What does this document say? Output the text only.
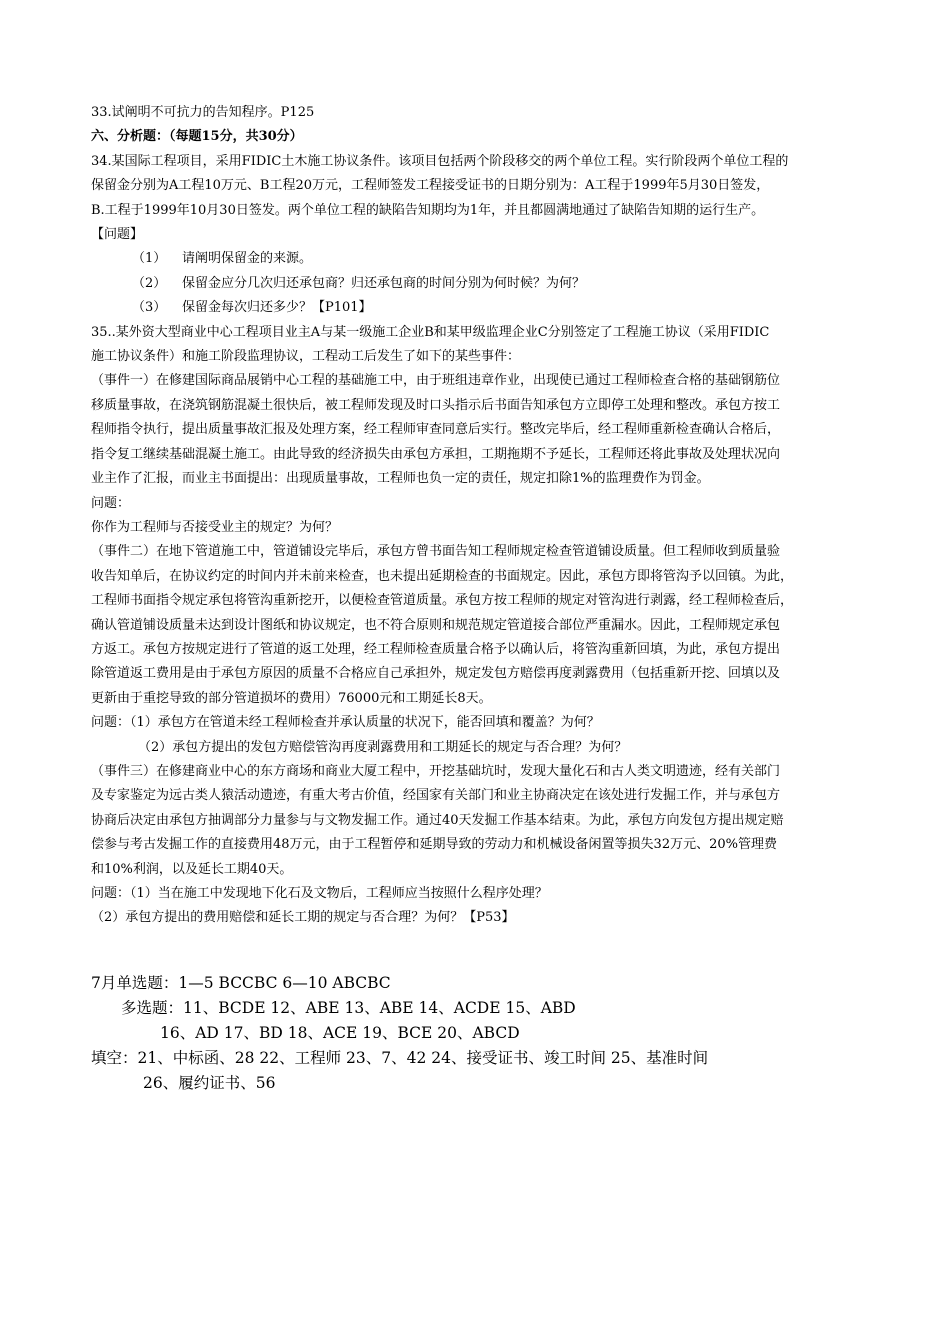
33.试阐明不可抗力的告知程序。P125

六、分析题：（每题15分，共30分）

34.某国际工程项目，采用FIDIC土木施工协议条件。该项目包括两个阶段移交的两个单位工程。实行阶段两个单位工程的

保留金分别为A工程10万元、B工程20万元，工程师签发工程接受证书的日期分别为：A工程于1999年5月30日签发，

B.工程于1999年10月30日签发。两个单位工程的缺陷告知期均为1年，并且都圆满地通过了缺陷告知期的运行生产。

【问题】

（1） 请阐明保留金的来源。

（2） 保留金应分几次归还承包商？归还承包商的时间分别为何时候？为何？

（3） 保留金每次归还多少？【P101】

35..某外资大型商业中心工程项目业主A与某一级施工企业B和某甲级监理企业C分别签定了工程施工协议（采用FIDIC

施工协议条件）和施工阶段监理协议，工程动工后发生了如下的某些事件：

（事件一）在修建国际商品展销中心工程的基础施工中，由于班组违章作业，出现使已通过工程师检查合格的基础钢筋位

移质量事故，在浇筑钢筋混凝土很快后，被工程师发现及时口头指示后书面告知承包方立即停工处理和整改。承包方按工

程师指令执行，提出质量事故汇报及处理方案，经工程师审查同意后实行。整改完毕后，经工程师重新检查确认合格后，

指令复工继续基础混凝土施工。由此导致的经济损失由承包方承担，工期拖期不予延长，工程师还将此事故及处理状况向

业主作了汇报，而业主书面提出：出现质量事故，工程师也负一定的责任，规定扣除1%的监理费作为罚金。

问题：

你作为工程师与否接受业主的规定？为何？

（事件二）在地下管道施工中，管道铺设完毕后，承包方曾书面告知工程师规定检查管道铺设质量。但工程师收到质量验

收告知单后，在协议约定的时间内并未前来检查，也未提出延期检查的书面规定。因此，承包方即将管沟予以回镇。为此，

工程师书面指令规定承包将管沟重新挖开，以便检查管道质量。承包方按工程师的规定对管沟进行剥露，经工程师检查后，

确认管道铺设质量未达到设计图纸和协议规定，也不符合原则和规范规定管道接合部位严重漏水。因此，工程师规定承包

方返工。承包方按规定进行了管道的返工处理，经工程师检查质量合格予以确认后，将管沟重新回填，为此，承包方提出

除管道返工费用是由于承包方原因的质量不合格应自己承担外，规定发包方赔偿再度剥露费用（包括重新开挖、回填以及

更新由于重挖导致的部分管道损坏的费用）76000元和工期延长8天。

问题：（1）承包方在管道未经工程师检查并承认质量的状况下，能否回填和覆盖？为何？

（2）承包方提出的发包方赔偿管沟再度剥露费用和工期延长的规定与否合理？为何？

（事件三）在修建商业中心的东方商场和商业大厦工程中，开挖基础坑时，发现大量化石和古人类文明遗迹，经有关部门

及专家鉴定为远古类人猿活动遗迹，有重大考古价值，经国家有关部门和业主协商决定在该处进行发掘工作，并与承包方

协商后决定由承包方抽调部分力量参与与文物发掘工作。通过40天发掘工作基本结束。为此，承包方向发包方提出规定赔

偿参与考古发掘工作的直接费用48万元，由于工程暂停和延期导致的劳动力和机械设备闲置等损失32万元、20%管理费

和10%利润，以及延长工期40天。

问题：（1）当在施工中发现地下化石及文物后，工程师应当按照什么程序处理？

（2）承包方提出的费用赔偿和延长工期的规定与否合理？为何？【P53】

7月单选题：1—5 BCCBC 6—10 ABCBC

多选题：11、BCDE 12、ABE 13、ABE 14、ACDE 15、ABD

16、AD 17、BD 18、ACE 19、BCE 20、ABCD

填空：21、中标函、28 22、工程师 23、7、42 24、接受证书、竣工时间 25、基准时间

26、履约证书、56
